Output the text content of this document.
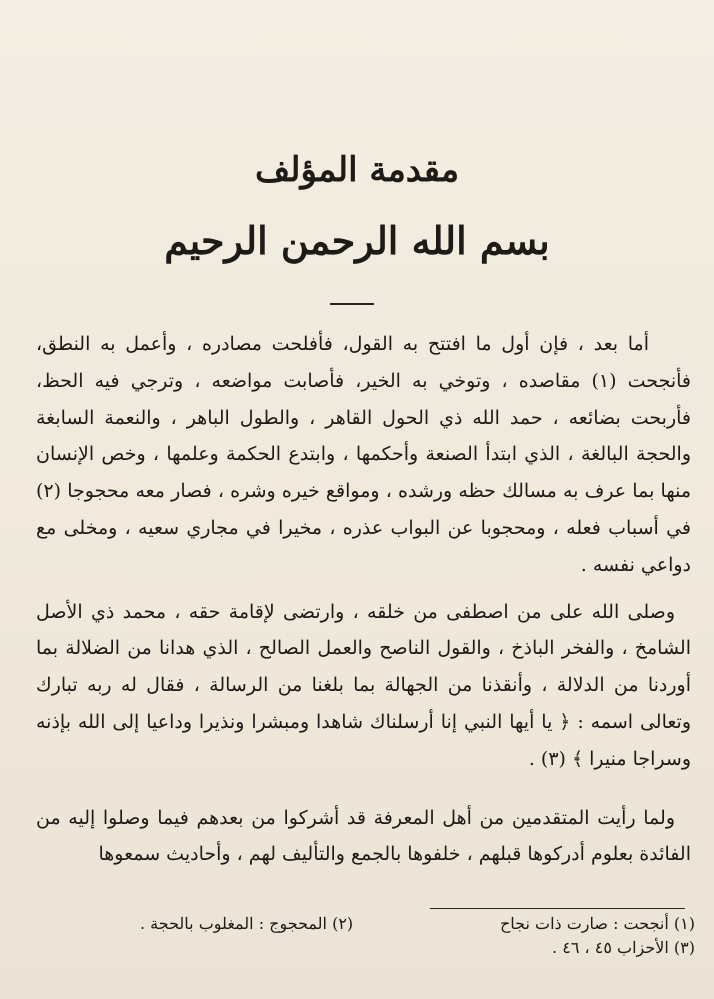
مقدمة المؤلف
بسم الله الرحمن الرحيم

أما بعد ، فإن أول ما افتتح به القول، فأفلحت مصادره ، وأعمل به النطق، فأنجحت (١) مقاصده ، وتوخي به الخير، فأصابت مواضعه ، وترجي فيه الحظ، فأربحت بضائعه ، حمد الله ذي الحول القاهر ، والطول الباهر ، والنعمة السابغة والحجة البالغة ، الذي ابتدأ الصنعة وأحكمها ، وابتدع الحكمة وعلمها ، وخص الإنسان منها بما عرف به مسالك حظه ورشده ، ومواقع خيره وشره ، فصار معه محجوجا (٢) في أسباب فعله ، ومحجوبا عن البواب عذره ، مخيرا في مجاري سعيه ، ومخلى مع دواعي نفسه .

وصلى الله على من اصطفى من خلقه ، وارتضى لإقامة حقه ، محمد ذي الأصل الشامخ ، والفخر الباذخ ، والقول الناصح والعمل الصالح ، الذي هدانا من الضلالة بما أوردنا من الدلالة ، وأنقذنا من الجهالة بما بلغنا من الرسالة ، فقال له ربه تبارك وتعالى اسمه : ﴿ يا أيها النبي إنا أرسلناك شاهدا ومبشرا ونذيرا وداعيا إلى الله بإذنه وسراجا منيرا ﴾ (٣) .

ولما رأيت المتقدمين من أهل المعرفة قد أشركوا من بعدهم فيما وصلوا إليه من الفائدة بعلوم أدركوها قبلهم ، خلفوها بالجمع والتأليف لهم ، وأحاديث سمعوها

(١) أنجحت : صارت ذات نجاح
(٢) المحجوج : المغلوب بالحجة .
(٣) الأحزاب ٤٥ ، ٤٦ .
